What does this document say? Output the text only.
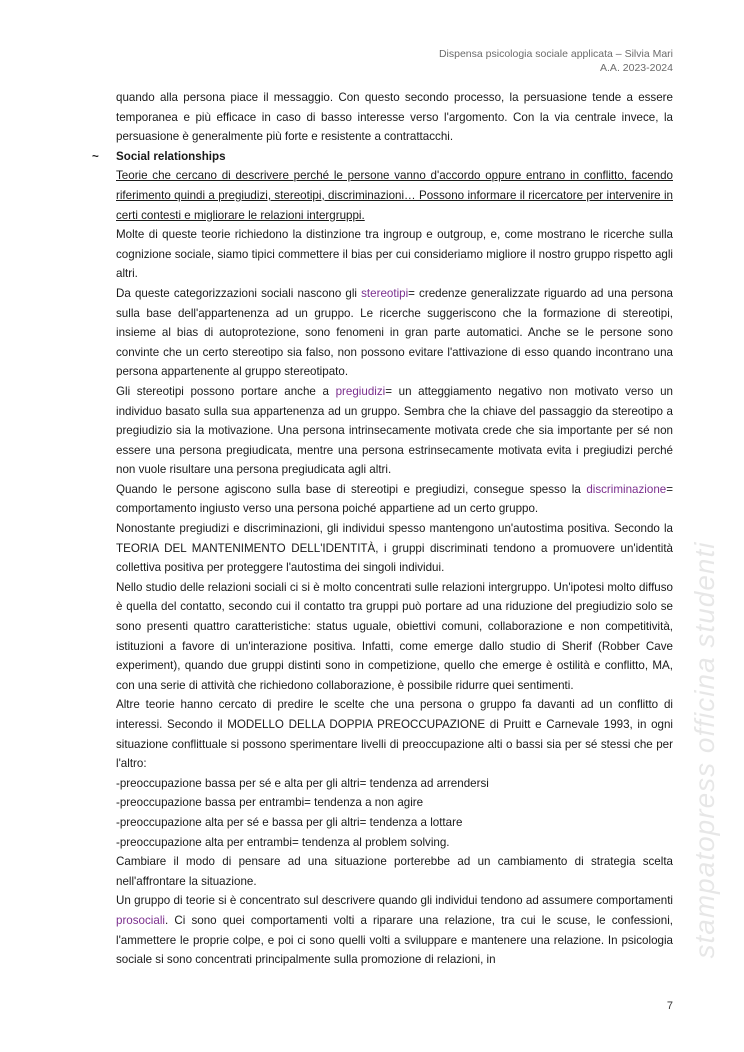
Dispensa psicologia sociale applicata – Silvia Mari
A.A. 2023-2024

quando alla persona piace il messaggio. Con questo secondo processo, la persuasione tende a essere temporanea e più efficace in caso di basso interesse verso l'argomento. Con la via centrale invece, la persuasione è generalmente più forte e resistente a contrattacchi.

~ Social relationships

Teorie che cercano di descrivere perché le persone vanno d'accordo oppure entrano in conflitto, facendo riferimento quindi a pregiudizi, stereotipi, discriminazioni… Possono informare il ricercatore per intervenire in certi contesti e migliorare le relazioni intergruppi.

Molte di queste teorie richiedono la distinzione tra ingroup e outgroup, e, come mostrano le ricerche sulla cognizione sociale, siamo tipici commettere il bias per cui consideriamo migliore il nostro gruppo rispetto agli altri.

Da queste categorizzazioni sociali nascono gli stereotipi= credenze generalizzate riguardo ad una persona sulla base dell'appartenenza ad un gruppo. Le ricerche suggeriscono che la formazione di stereotipi, insieme al bias di autoprotezione, sono fenomeni in gran parte automatici. Anche se le persone sono convinte che un certo stereotipo sia falso, non possono evitare l'attivazione di esso quando incontrano una persona appartenente al gruppo stereotipato.

Gli stereotipi possono portare anche a pregiudizi= un atteggiamento negativo non motivato verso un individuo basato sulla sua appartenenza ad un gruppo. Sembra che la chiave del passaggio da stereotipo a pregiudizio sia la motivazione. Una persona intrinsecamente motivata crede che sia importante per sé non essere una persona pregiudicata, mentre una persona estrinsecamente motivata evita i pregiudizi perché non vuole risultare una persona pregiudicata agli altri.

Quando le persone agiscono sulla base di stereotipi e pregiudizi, consegue spesso la discriminazione= comportamento ingiusto verso una persona poiché appartiene ad un certo gruppo.

Nonostante pregiudizi e discriminazioni, gli individui spesso mantengono un'autostima positiva. Secondo la TEORIA DEL MANTENIMENTO DELL'IDENTITÀ, i gruppi discriminati tendono a promuovere un'identità collettiva positiva per proteggere l'autostima dei singoli individui.

Nello studio delle relazioni sociali ci si è molto concentrati sulle relazioni intergruppo. Un'ipotesi molto diffuso è quella del contatto, secondo cui il contatto tra gruppi può portare ad una riduzione del pregiudizio solo se sono presenti quattro caratteristiche: status uguale, obiettivi comuni, collaborazione e non competitività, istituzioni a favore di un'interazione positiva. Infatti, come emerge dallo studio di Sherif (Robber Cave experiment), quando due gruppi distinti sono in competizione, quello che emerge è ostilità e conflitto, MA, con una serie di attività che richiedono collaborazione, è possibile ridurre quei sentimenti.

Altre teorie hanno cercato di predire le scelte che una persona o gruppo fa davanti ad un conflitto di interessi. Secondo il MODELLO DELLA DOPPIA PREOCCUPAZIONE di Pruitt e Carnevale 1993, in ogni situazione conflittuale si possono sperimentare livelli di preoccupazione alti o bassi sia per sé stessi che per l'altro:

-preoccupazione bassa per sé e alta per gli altri= tendenza ad arrendersi

-preoccupazione bassa per entrambi= tendenza a non agire

-preoccupazione alta per sé e bassa per gli altri= tendenza a lottare

-preoccupazione alta per entrambi= tendenza al problem solving.

Cambiare il modo di pensare ad una situazione porterebbe ad un cambiamento di strategia scelta nell'affrontare la situazione.

Un gruppo di teorie si è concentrato sul descrivere quando gli individui tendono ad assumere comportamenti prosociali. Ci sono quei comportamenti volti a riparare una relazione, tra cui le scuse, le confessioni, l'ammettere le proprie colpe, e poi ci sono quelli volti a sviluppare e mantenere una relazione. In psicologia sociale si sono concentrati principalmente sulla promozione di relazioni, in

stampatopress officina studenti
7
